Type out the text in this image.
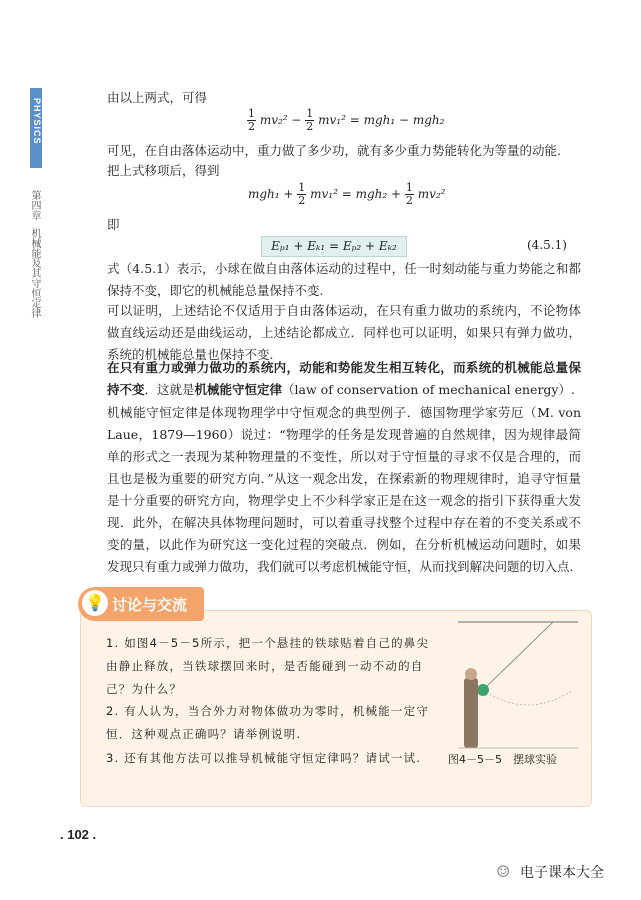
PHYSICS
第四章
机械能及其守恒定律
由以上两式，可得
$\frac{1}{2} mv_2^2 - \frac{1}{2} mv_1^2 = mgh_1 - mgh_2$
可见，在自由落体运动中，重力做了多少功，就有多少重力势能转化为等量的动能.
把上式移项后，得到
$mgh_1 + \frac{1}{2} mv_1^2 = mgh_2 + \frac{1}{2} mv_2^2$
即
Eₚ₁ + Eₖ₁ = Eₚ₂ + Eₖ₂	(4.5.1)
式（4.5.1）表示，小球在做自由落体运动的过程中，任一时刻动能与重力势能之和都保持不变，即它的机械能总量保持不变.
可以证明，上述结论不仅适用于自由落体运动，在只有重力做功的系统内，不论物体做直线运动还是曲线运动，上述结论都成立．同样也可以证明，如果只有弹力做功，系统的机械能总量也保持不变.
在只有重力或弹力做功的系统内，动能和势能发生相互转化，而系统的机械能总量保持不变．这就是机械能守恒定律（law of conservation of mechanical energy）.
机械能守恒定律是体现物理学中守恒观念的典型例子．德国物理学家劳厄（M. von Laue，1879—1960）说过：“物理学的任务是发现普遍的自然规律，因为规律最简单的形式之一表现为某种物理量的不变性，所以对于守恒量的寻求不仅是合理的，而且也是极为重要的研究方向．”从这一观念出发，在探索新的物理规律时，追寻守恒量是十分重要的研究方向，物理学史上不少科学家正是在这一观念的指引下获得重大发现．此外，在解决具体物理问题时，可以着重寻找整个过程中存在着的不变关系或不变的量，以此作为研究这一变化过程的突破点．例如，在分析机械运动问题时，如果发现只有重力或弹力做功，我们就可以考虑机械能守恒，从而找到解决问题的切入点.
💡 讨论与交流
1. 如图4－5－5所示，把一个悬挂的铁球贴着自己的鼻尖由静止释放，当铁球摆回来时，是否能碰到一动不动的自己？为什么？
2. 有人认为，当合外力对物体做功为零时，机械能一定守恒．这种观点正确吗？请举例说明.
3. 还有其他方法可以推导机械能守恒定律吗？请试一试.	图4－5－5　摆球实验
. 102 .
☺ 电子课本大全
